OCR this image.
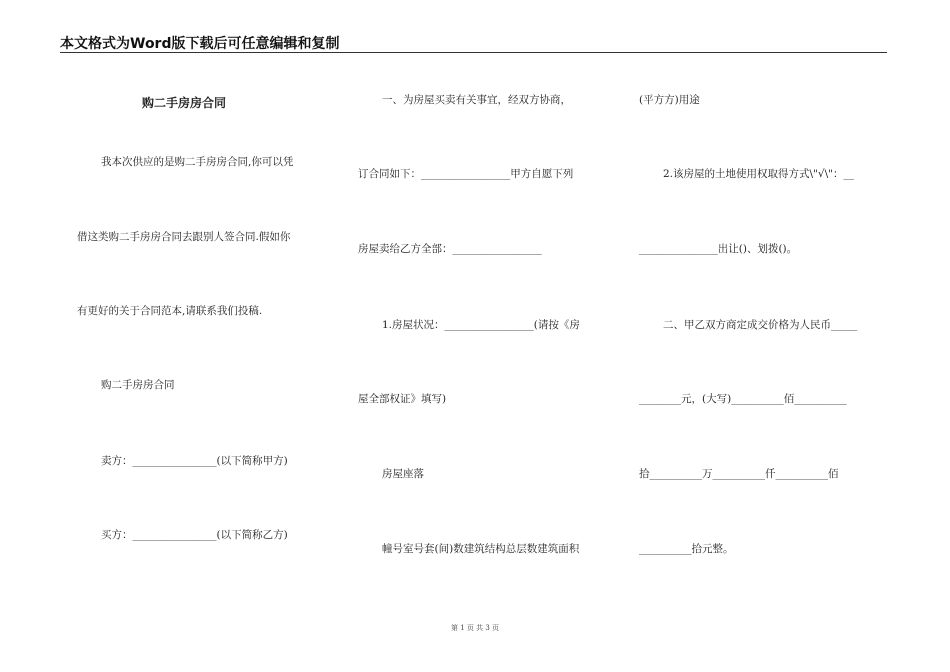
本文格式为Word版下载后可任意编辑和复制
购二手房房合同
我本次供应的是购二手房房合同,你可以凭
借这类购二手房房合同去跟别人签合同.假如你
有更好的关于合同范本,请联系我们投稿.
购二手房房合同
卖方：________________(以下简称甲方)
买方：________________(以下简称乙方)
一、为房屋买卖有关事宜，经双方协商，
订合同如下：_________________甲方自愿下列
房屋卖给乙方全部：_________________
1.房屋状况：_________________(请按《房
屋全部权证》填写)
房屋座落
幢号室号套(间)数建筑结构总层数建筑面积
(平方方)用途
2.该房屋的土地使用权取得方式\"√\"：__
_______________出让()、划拨()。
二、甲乙双方商定成交价格为人民币_____
________元，(大写)__________佰__________
拾__________万__________仟__________佰
__________拾元整。
第 1 页 共 3 页
